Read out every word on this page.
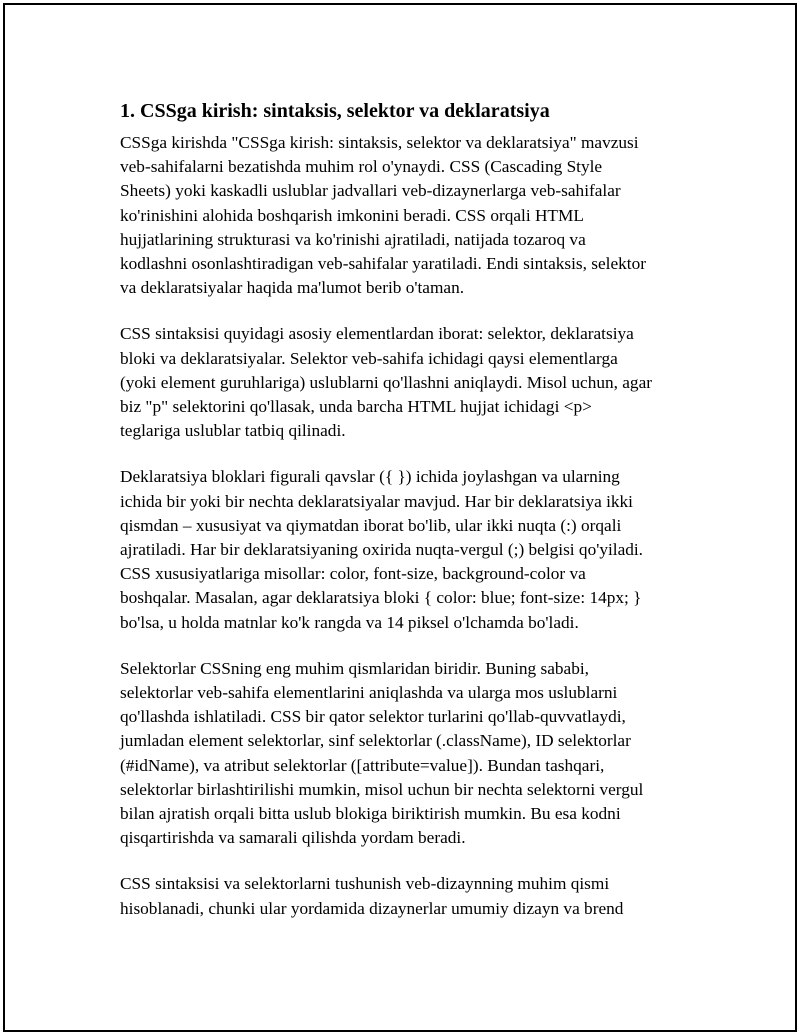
1. CSSga kirish: sintaksis, selektor va deklaratsiya

CSSga kirishda "CSSga kirish: sintaksis, selektor va deklaratsiya" mavzusi
veb-sahifalarni bezatishda muhim rol o'ynaydi. CSS (Cascading Style
Sheets) yoki kaskadli uslublar jadvallari veb-dizaynerlarga veb-sahifalar
ko'rinishini alohida boshqarish imkonini beradi. CSS orqali HTML
hujjatlarining strukturasi va ko'rinishi ajratiladi, natijada tozaroq va
kodlashni osonlashtiradigan veb-sahifalar yaratiladi. Endi sintaksis, selektor
va deklaratsiyalar haqida ma'lumot berib o'taman.

CSS sintaksisi quyidagi asosiy elementlardan iborat: selektor, deklaratsiya
bloki va deklaratsiyalar. Selektor veb-sahifa ichidagi qaysi elementlarga
(yoki element guruhlariga) uslublarni qo'llashni aniqlaydi. Misol uchun, agar
biz "p" selektorini qo'llasak, unda barcha HTML hujjat ichidagi <p>
teglariga uslublar tatbiq qilinadi.

Deklaratsiya bloklari figurali qavslar ({ }) ichida joylashgan va ularning
ichida bir yoki bir nechta deklaratsiyalar mavjud. Har bir deklaratsiya ikki
qismdan – xususiyat va qiymatdan iborat bo'lib, ular ikki nuqta (:) orqali
ajratiladi. Har bir deklaratsiyaning oxirida nuqta-vergul (;) belgisi qo'yiladi.
CSS xususiyatlariga misollar: color, font-size, background-color va
boshqalar. Masalan, agar deklaratsiya bloki { color: blue; font-size: 14px; }
bo'lsa, u holda matnlar ko'k rangda va 14 piksel o'lchamda bo'ladi.

Selektorlar CSSning eng muhim qismlaridan biridir. Buning sababi,
selektorlar veb-sahifa elementlarini aniqlashda va ularga mos uslublarni
qo'llashda ishlatiladi. CSS bir qator selektor turlarini qo'llab-quvvatlaydi,
jumladan element selektorlar, sinf selektorlar (.className), ID selektorlar
(#idName), va atribut selektorlar ([attribute=value]). Bundan tashqari,
selektorlar birlashtirilishi mumkin, misol uchun bir nechta selektorni vergul
bilan ajratish orqali bitta uslub blokiga biriktirish mumkin. Bu esa kodni
qisqartirishda va samarali qilishda yordam beradi.

CSS sintaksisi va selektorlarni tushunish veb-dizaynning muhim qismi
hisoblanadi, chunki ular yordamida dizaynerlar umumiy dizayn va brend
